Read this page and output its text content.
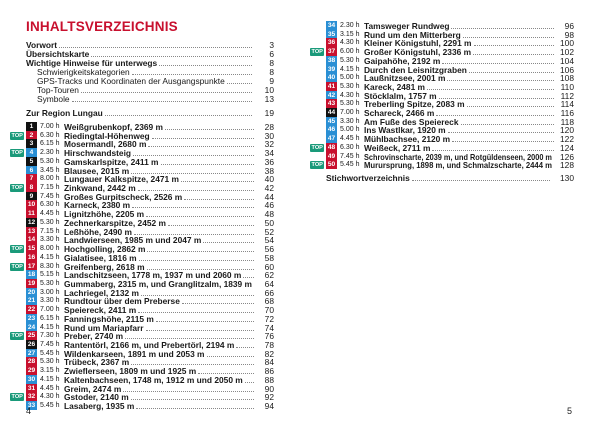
INHALTSVERZEICHNIS
Vorwort	3
Übersichtskarte	6
Wichtige Hinweise für unterwegs	8
Schwierigkeitskategorien	8
GPS-Tracks und Koordinaten der Ausgangspunkte	9
Top-Touren	10
Symbole	13
Zur Region Lungau	19
1 7.00 h Weißgrubenkopf, 2369 m	28
TOP	2 6.30 h Riedingtal-Höhenweg	30
3 6.15 h Mosermandl, 2680 m	32
TOP	4 2.30 h Hirschwandsteig	34
5 5.30 h Gamskarlspitze, 2411 m	36
6 3.45 h Blausee, 2015 m	38
7 8.00 h Lungauer Kalkspitze, 2471 m	40
TOP	8 7.15 h Zinkwand, 2442 m	42
9 7.45 h Großes Gurpitscheck, 2526 m	44
10 6.30 h Karneck, 2380 m	46
11 4.45 h Lignitzhöhe, 2205 m	48
12 5.30 h Zechnerkarspitze, 2452 m	50
13 7.15 h Leßhöhe, 2490 m	52
14 3.30 h Landwierseen, 1985 m und 2047 m	54
TOP 15 8.00 h Hochgolling, 2862 m	56
16 4.15 h Gialatisee, 1816 m	58
TOP 17 8.30 h Greifenberg, 2618 m	60
18 5.15 h Landschitzseen, 1778 m, 1937 m und 2060 m	62
19 5.30 h Gummaberg, 2315 m, und Granglitzalm, 1839 m	64
20 3.00 h Lachriegel, 2132 m	66
21 3.30 h Rundtour über dem Preberse	68
22 7.00 h Speiereck, 2411 m	70
23 6.15 h Fanningshöhe, 2115 m	72
24 4.15 h Rund um Mariapfarr	74
TOP 25 7.30 h Preber, 2740 m	76
26 7.45 h Rantentörl, 2166 m, und Prebertörl, 2194 m	78
27 5.45 h Wildenkarseen, 1891 m und 2053 m	82
28 5.30 h Trübeck, 2367 m	84
29 3.15 h Zwieflerseen, 1809 m und 1925 m	86
30 4.15 h Kaltenbachseen, 1748 m, 1912 m und 2050 m	88
31 4.45 h Greim, 2474 m	90
TOP 32 4.30 h Gstoder, 2140 m	92
33 5.45 h Lasaberg, 1935 m	94
4
34 2.30 h Tamsweger Rundweg	96
35 3.15 h Rund um den Mitterberg	98
36 4.30 h Kleiner Königstuhl, 2291 m	100
TOP 37 6.00 h Großer Königstuhl, 2336 m	102
38 5.30 h Gaipahöhe, 2192 m	104
39 4.15 h Durch den Leisnitzgraben	106
40 5.00 h Laußnitzsee, 2001 m	108
41 5.30 h Kareck, 2481 m	110
42 4.30 h Stöcklalm, 1757 m	112
43 5.30 h Treberling Spitze, 2083 m	114
44 7.00 h Schareck, 2466 m	116
45 3.30 h Am Fuße des Speiereck	118
46 5.00 h Ins Wastlkar, 1920 m	120
47 4.45 h Mühlbachsee, 2120 m	122
TOP 48 6.30 h Weißeck, 2711 m	124
49 7.45 h Schrovinscharte, 2039 m, und Rotgüldenseen, 2000 m 126
TOP 50 5.45 h Murursprung, 1898 m, und Schmalzscharte, 2444 m 128
Stichwortverzeichnis	130
5
